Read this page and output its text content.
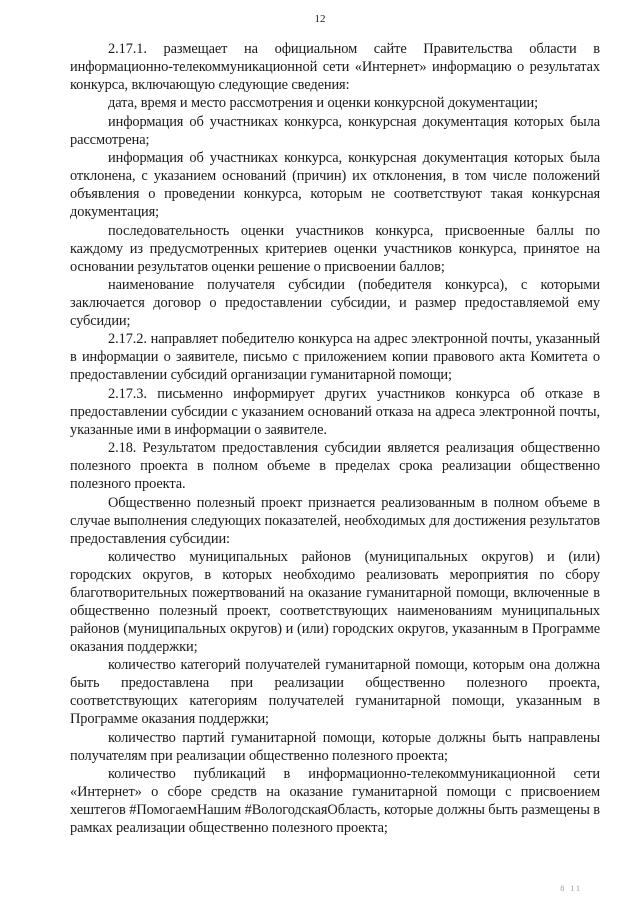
12

2.17.1. размещает на официальном сайте Правительства области в информационно-телекоммуникационной сети «Интернет» информацию о результатах конкурса, включающую следующие сведения:

дата, время и место рассмотрения и оценки конкурсной документации;

информация об участниках конкурса, конкурсная документация которых была рассмотрена;

информация об участниках конкурса, конкурсная документация которых была отклонена, с указанием оснований (причин) их отклонения, в том числе положений объявления о проведении конкурса, которым не соответствуют такая конкурсная документация;

последовательность оценки участников конкурса, присвоенные баллы по каждому из предусмотренных критериев оценки участников конкурса, принятое на основании результатов оценки решение о присвоении баллов;

наименование получателя субсидии (победителя конкурса), с которыми заключается договор о предоставлении субсидии, и размер предоставляемой ему субсидии;

2.17.2. направляет победителю конкурса на адрес электронной почты, указанный в информации о заявителе, письмо с приложением копии правового акта Комитета о предоставлении субсидий организации гуманитарной помощи;

2.17.3. письменно информирует других участников конкурса об отказе в предоставлении субсидии с указанием оснований отказа на адреса электронной почты, указанные ими в информации о заявителе.

2.18. Результатом предоставления субсидии является реализация общественно полезного проекта в полном объеме в пределах срока реализации общественно полезного проекта.

Общественно полезный проект признается реализованным в полном объеме в случае выполнения следующих показателей, необходимых для достижения результатов предоставления субсидии:

количество муниципальных районов (муниципальных округов) и (или) городских округов, в которых необходимо реализовать мероприятия по сбору благотворительных пожертвований на оказание гуманитарной помощи, включенные в общественно полезный проект, соответствующих наименованиям муниципальных районов (муниципальных округов) и (или) городских округов, указанным в Программе оказания поддержки;

количество категорий получателей гуманитарной помощи, которым она должна быть предоставлена при реализации общественно полезного проекта, соответствующих категориям получателей гуманитарной помощи, указанным в Программе оказания поддержки;

количество партий гуманитарной помощи, которые должны быть направлены получателям при реализации общественно полезного проекта;

количество публикаций в информационно-телекоммуникационной сети «Интернет» о сборе средств на оказание гуманитарной помощи с присвоением хештегов #ПомогаемНашим #ВологодскаяОбласть, которые должны быть размещены в рамках реализации общественно полезного проекта;

8 11
